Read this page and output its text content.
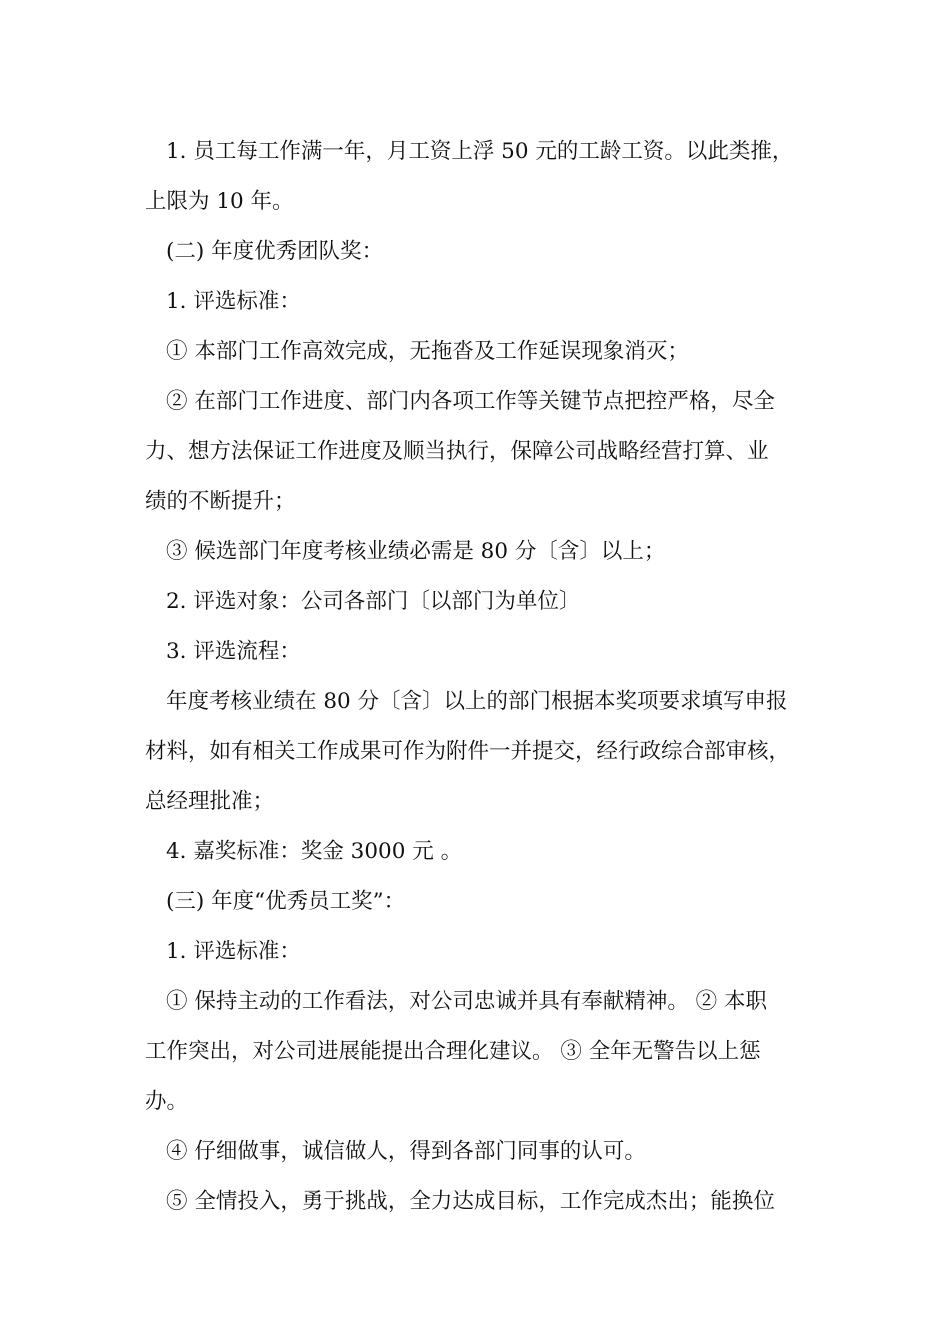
1. 员工每工作满一年，月工资上浮 50 元的工龄工资。以此类推，
上限为 10 年。

(二) 年度优秀团队奖：

1. 评选标准：

① 本部门工作高效完成，无拖沓及工作延误现象消灭；

② 在部门工作进度、部门内各项工作等关键节点把控严格，尽全
力、想方法保证工作进度及顺当执行，保障公司战略经营打算、业
绩的不断提升；

③ 候选部门年度考核业绩必需是 80 分〔含〕以上；

2. 评选对象：公司各部门〔以部门为单位〕

3. 评选流程：

年度考核业绩在 80 分〔含〕以上的部门根据本奖项要求填写申报
材料，如有相关工作成果可作为附件一并提交，经行政综合部审核，
总经理批准；

4. 嘉奖标准：奖金 3000 元 。

(三) 年度“优秀员工奖”：

1. 评选标准：

① 保持主动的工作看法，对公司忠诚并具有奉献精神。 ② 本职
工作突出，对公司进展能提出合理化建议。 ③ 全年无警告以上惩
办。

④ 仔细做事，诚信做人，得到各部门同事的认可。

⑤ 全情投入，勇于挑战，全力达成目标，工作完成杰出；能换位
